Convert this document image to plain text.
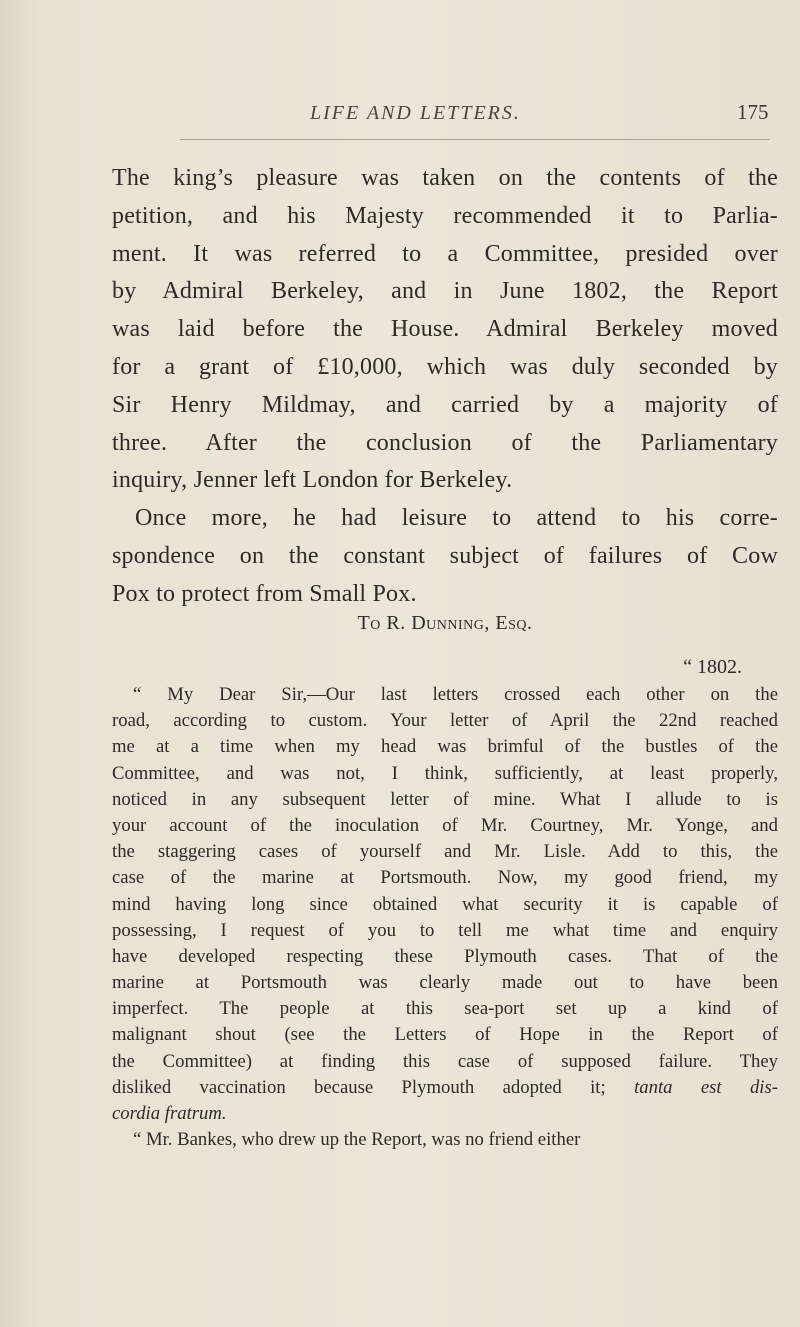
LIFE AND LETTERS.	175
The king’s pleasure was taken on the contents of the
petition, and his Majesty recommended it to Parlia-
ment. It was referred to a Committee, presided over
by Admiral Berkeley, and in June 1802, the Report
was laid before the House. Admiral Berkeley moved
for a grant of £10,000, which was duly seconded by
Sir Henry Mildmay, and carried by a majority of
three. After the conclusion of the Parliamentary
inquiry, Jenner left London for Berkeley.
Once more, he had leisure to attend to his corre-
spondence on the constant subject of failures of Cow
Pox to protect from Small Pox.

To R. Dunning, Esq.

“ 1802.
“ My Dear Sir,—Our last letters crossed each other on the
road, according to custom. Your letter of April the 22nd reached
me at a time when my head was brimful of the bustles of the
Committee, and was not, I think, sufficiently, at least properly,
noticed in any subsequent letter of mine. What I allude to is
your account of the inoculation of Mr. Courtney, Mr. Yonge, and
the staggering cases of yourself and Mr. Lisle. Add to this, the
case of the marine at Portsmouth. Now, my good friend, my
mind having long since obtained what security it is capable of
possessing, I request of you to tell me what time and enquiry
have developed respecting these Plymouth cases. That of the
marine at Portsmouth was clearly made out to have been
imperfect. The people at this sea-port set up a kind of
malignant shout (see the Letters of Hope in the Report of
the Committee) at finding this case of supposed failure. They
disliked vaccination because Plymouth adopted it; tanta est dis-
cordia fratrum.
“ Mr. Bankes, who drew up the Report, was no friend either
